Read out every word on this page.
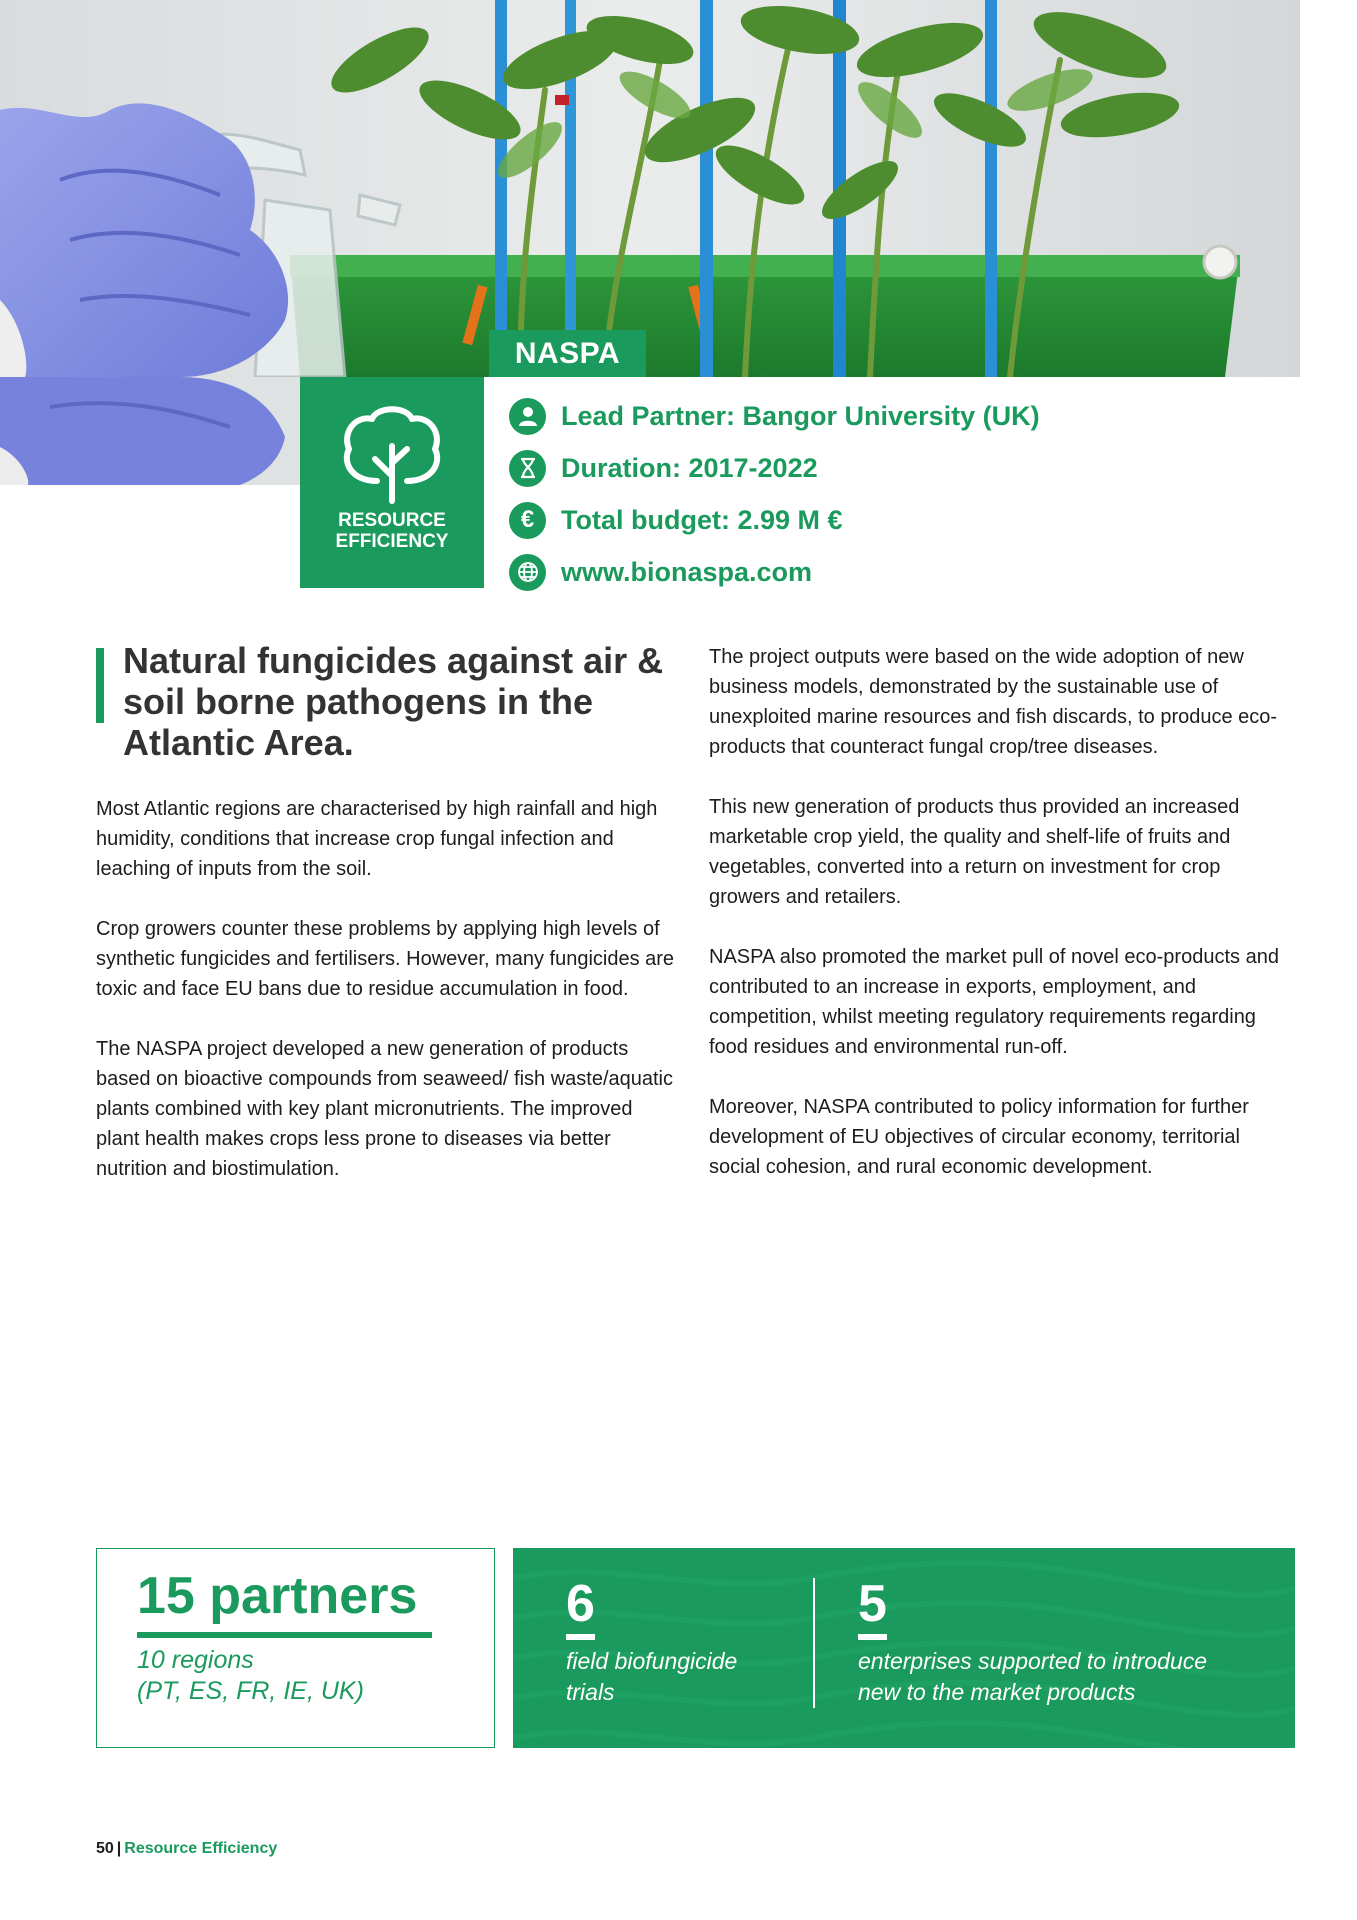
NASPA
RESOURCE
EFFICIENCY
Lead Partner: Bangor University (UK)
Duration: 2017-2022
€ Total budget: 2.99 M €
www.bionaspa.com
Natural fungicides against air & soil borne pathogens in the Atlantic Area.

Most Atlantic regions are characterised by high rainfall and high humidity, conditions that increase crop fungal infection and leaching of inputs from the soil.

Crop growers counter these problems by applying high levels of synthetic fungicides and fertilisers. However, many fungicides are toxic and face EU bans due to residue accumulation in food.

The NASPA project developed a new generation of products based on bioactive compounds from seaweed/ fish waste/aquatic plants combined with key plant micronutrients. The improved plant health makes crops less prone to diseases via better nutrition and biostimulation.

The project outputs were based on the wide adoption of new business models, demonstrated by the sustainable use of unexploited marine resources and fish discards, to produce eco-products that counteract fungal crop/tree diseases.

This new generation of products thus provided an increased marketable crop yield, the quality and shelf-life of fruits and vegetables, converted into a return on investment for crop growers and retailers.

NASPA also promoted the market pull of novel eco-products and contributed to an increase in exports, employment, and competition, whilst meeting regulatory requirements regarding food residues and environmental run-off.

Moreover, NASPA contributed to policy information for further development of EU objectives of circular economy, territorial social cohesion, and rural economic development.

15 partners
10 regions
(PT, ES, FR, IE, UK)
6
field biofungicide
trials
5
enterprises supported to introduce
new to the market products
50 | Resource Efficiency
